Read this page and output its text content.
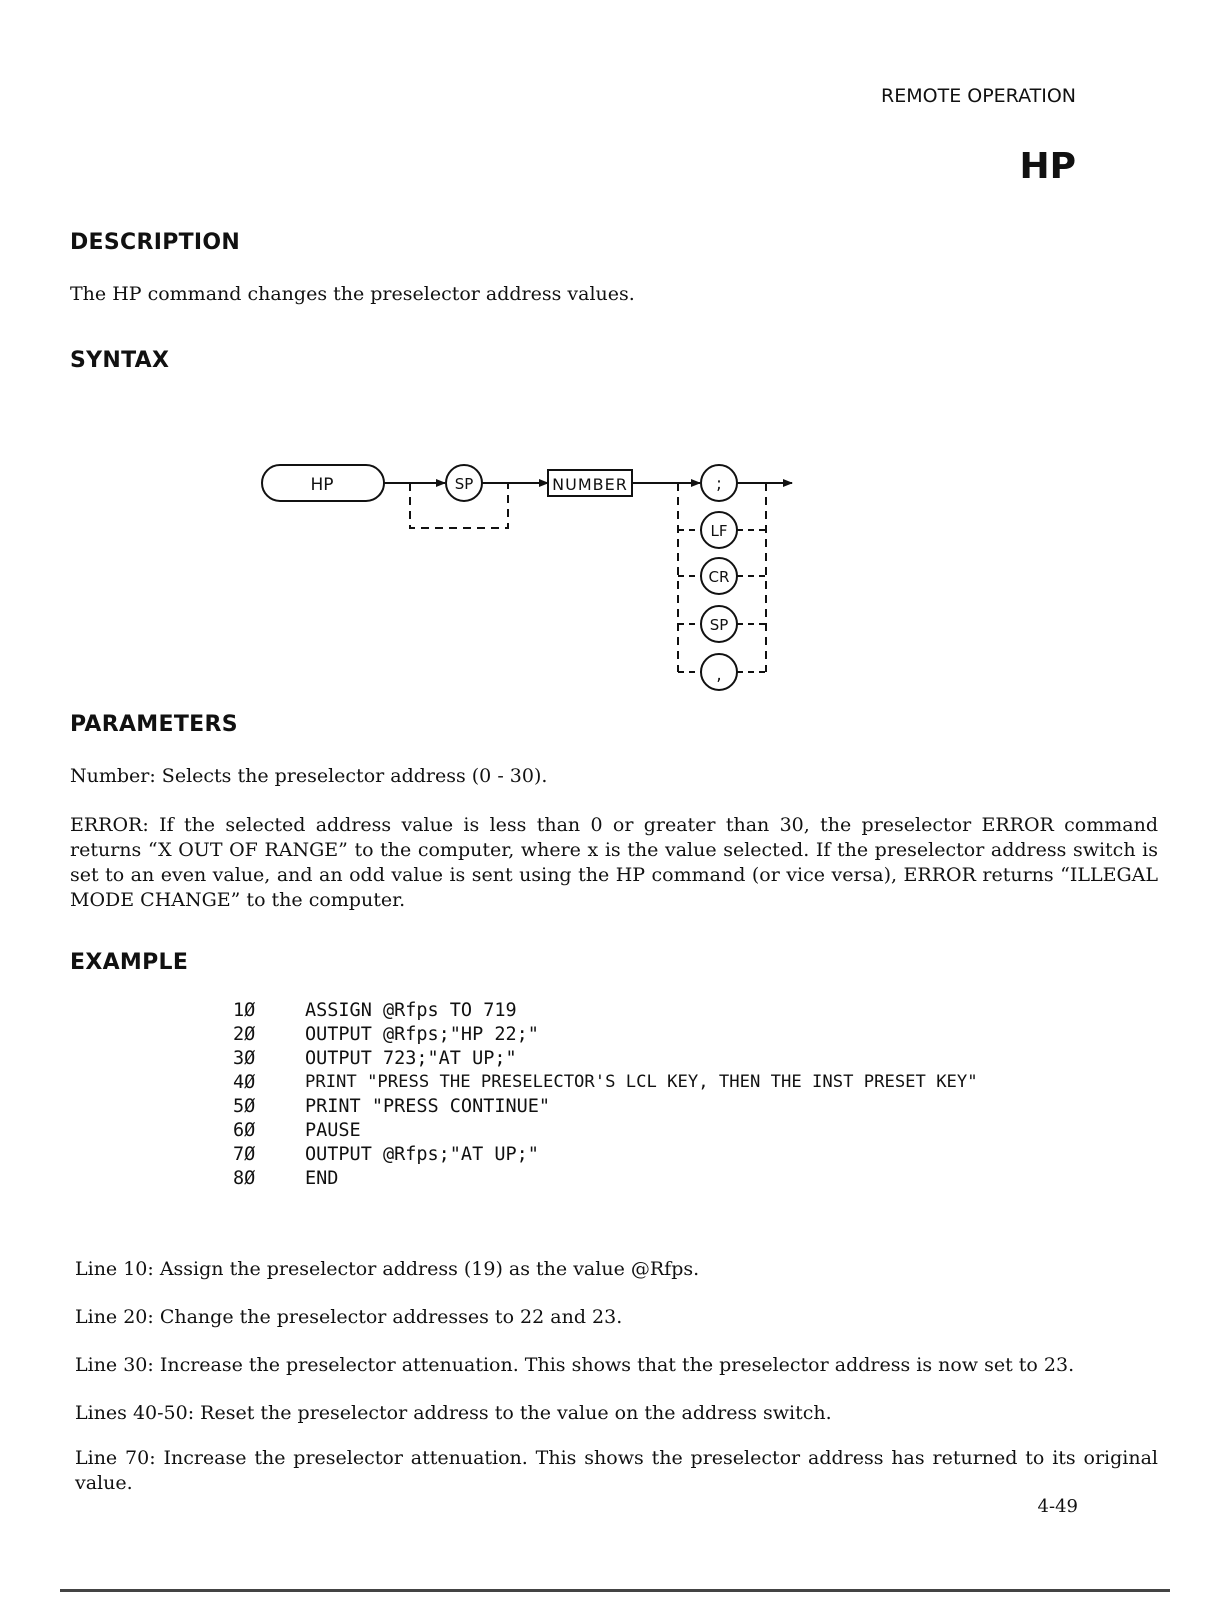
REMOTE OPERATION
HP
DESCRIPTION
The HP command changes the preselector address values.
SYNTAX
HP	SP	NUMBER	;
LF
CR
SP
,
PARAMETERS
Number: Selects the preselector address (0 - 30).
ERROR: If the selected address value is less than 0 or greater than 30, the preselector ERROR command returns “X OUT OF RANGE” to the computer, where x is the value selected. If the preselector address switch is set to an even value, and an odd value is sent using the HP command (or vice versa), ERROR returns “ILLEGAL MODE CHANGE” to the computer.
EXAMPLE
1Ø	ASSIGN @Rfps TO 719
2Ø	OUTPUT @Rfps;"HP 22;"
3Ø	OUTPUT 723;"AT UP;"
4Ø	PRINT "PRESS THE PRESELECTOR'S LCL KEY, THEN THE INST PRESET KEY"
5Ø	PRINT "PRESS CONTINUE"
6Ø	PAUSE
7Ø	OUTPUT @Rfps;"AT UP;"
8Ø	END
Line 10: Assign the preselector address (19) as the value @Rfps.
Line 20: Change the preselector addresses to 22 and 23.
Line 30: Increase the preselector attenuation. This shows that the preselector address is now set to 23.
Lines 40-50: Reset the preselector address to the value on the address switch.
Line 70: Increase the preselector attenuation. This shows the preselector address has returned to its original value.
4-49
